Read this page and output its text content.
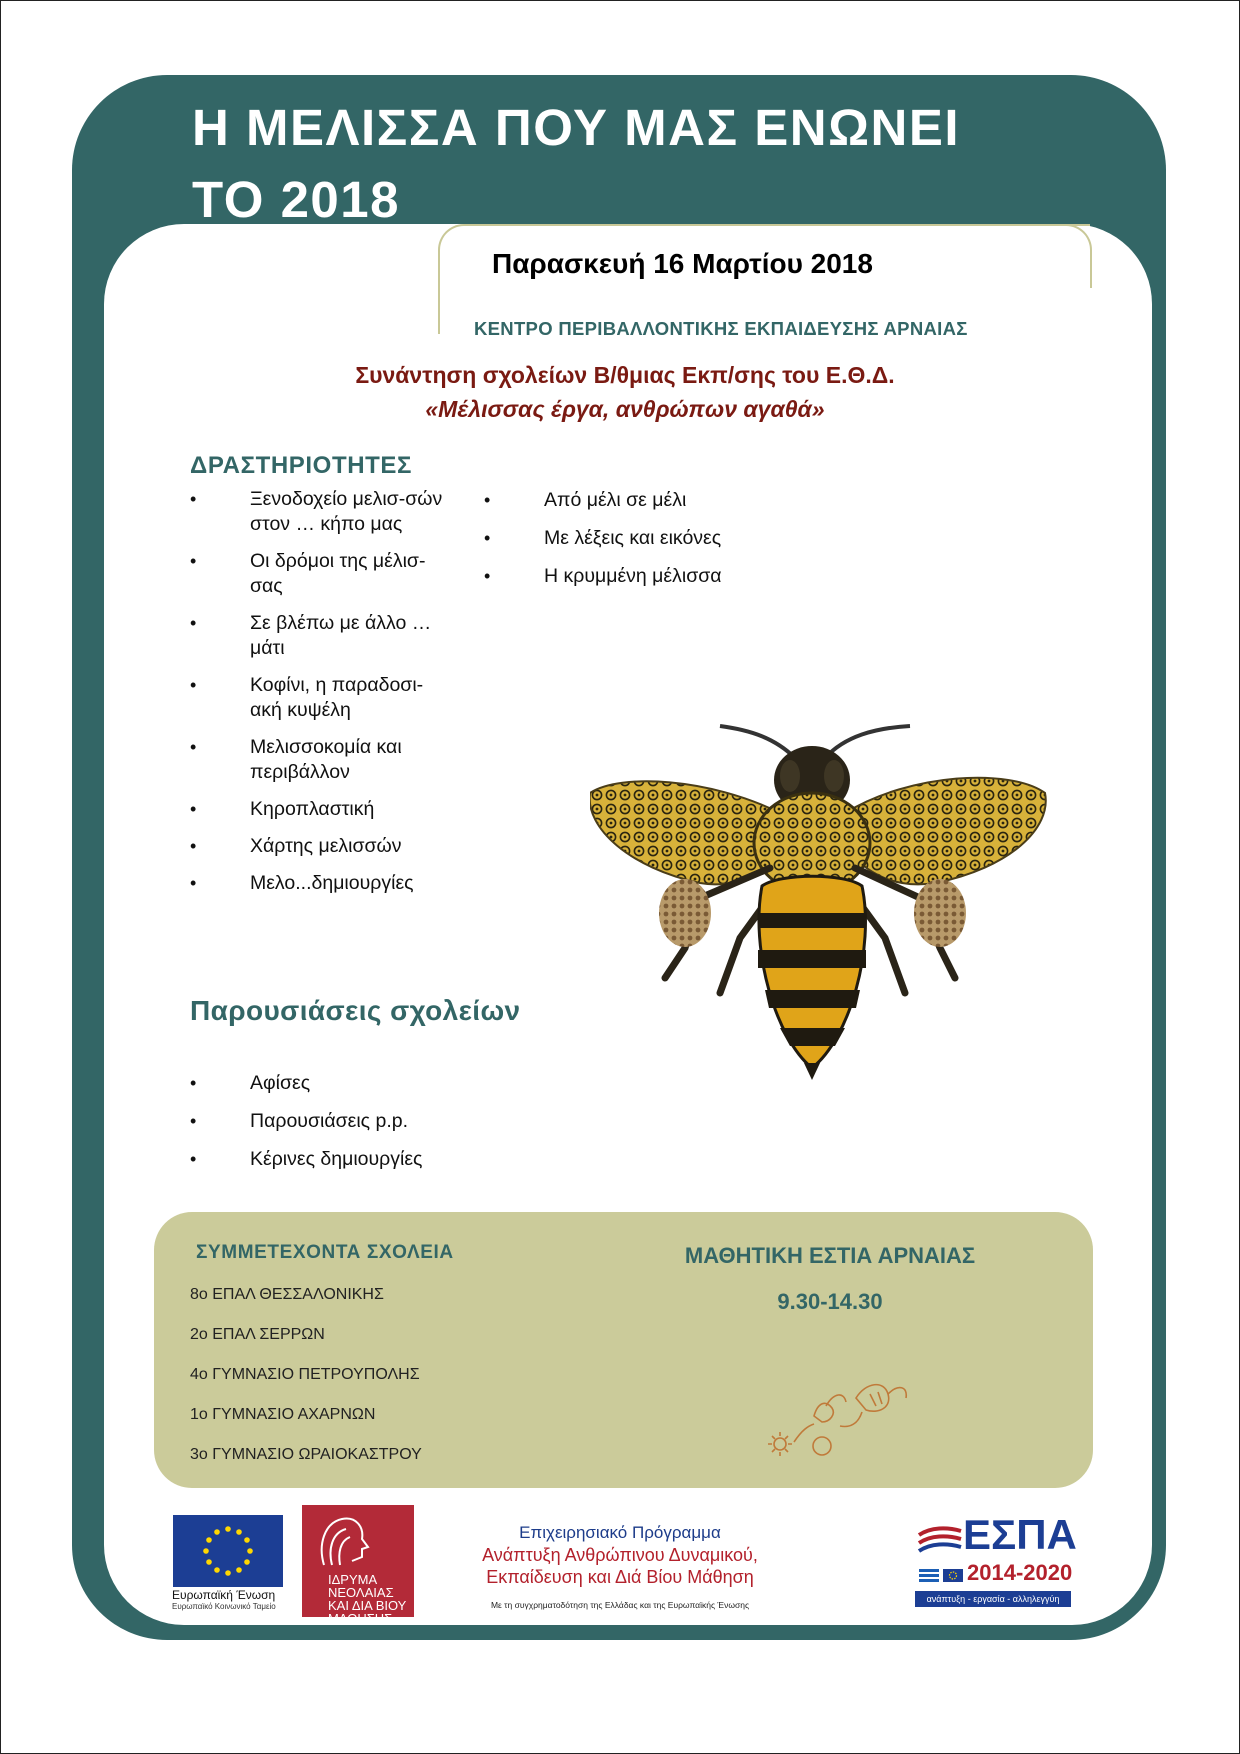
Η ΜΕΛΙΣΣΑ ΠΟΥ ΜΑΣ ΕΝΩΝΕΙ
ΤΟ 2018
Παρασκευή 16 Μαρτίου 2018
ΚΕΝΤΡΟ ΠΕΡΙΒΑΛΛΟΝΤΙΚΗΣ ΕΚΠΑΙΔΕΥΣΗΣ ΑΡΝΑΙΑΣ
Συνάντηση σχολείων Β/θμιας Εκπ/σης του Ε.Θ.Δ.
«Μέλισσας έργα, ανθρώπων αγαθά»
ΔΡΑΣΤΗΡΙΟΤΗΤΕΣ
•	Ξενοδοχείο μελισ-σών στον … κήπο μας
•	Οι δρόμοι της μέλισ-σας
•	Σε βλέπω με άλλο … μάτι
•	Κοφίνι, η παραδοσι-ακή κυψέλη
•	Μελισσοκομία και περιβάλλον
•	Κηροπλαστική
•	Χάρτης μελισσών
•	Μελο...δημιουργίες
•	Από μέλι σε μέλι
•	Με λέξεις και εικόνες
•	Η κρυμμένη μέλισσα
Παρουσιάσεις σχολείων
•	Αφίσες
•	Παρουσιάσεις p.p.
•	Κέρινες δημιουργίες
ΣΥΜΜΕΤΕΧΟΝΤΑ ΣΧΟΛΕΙΑ
8ο ΕΠΑΛ ΘΕΣΣΑΛΟΝΙΚΗΣ
2ο ΕΠΑΛ ΣΕΡΡΩΝ
4ο ΓΥΜΝΑΣΙΟ ΠΕΤΡΟΥΠΟΛΗΣ
1ο ΓΥΜΝΑΣΙΟ ΑΧΑΡΝΩΝ
3ο ΓΥΜΝΑΣΙΟ ΩΡΑΙΟΚΑΣΤΡΟΥ
ΜΑΘΗΤΙΚΗ ΕΣΤΙΑ ΑΡΝΑΙΑΣ
9.30-14.30
Ευρωπαϊκή Ένωση
Ευρωπαϊκό Κοινωνικό Ταμείο
ΙΔΡΥΜΑ
ΝΕΟΛΑΙΑΣ
ΚΑΙ ΔΙΑ ΒΙΟΥ
ΜΑΘΗΣΗΣ
Επιχειρησιακό Πρόγραμμα
Ανάπτυξη Ανθρώπινου Δυναμικού,
Εκπαίδευση και Διά Βίου Μάθηση
Με τη συγχρηματοδότηση της Ελλάδας και της Ευρωπαϊκής Ένωσης
ΕΣΠΑ
2014-2020
ανάπτυξη - εργασία - αλληλεγγύη
